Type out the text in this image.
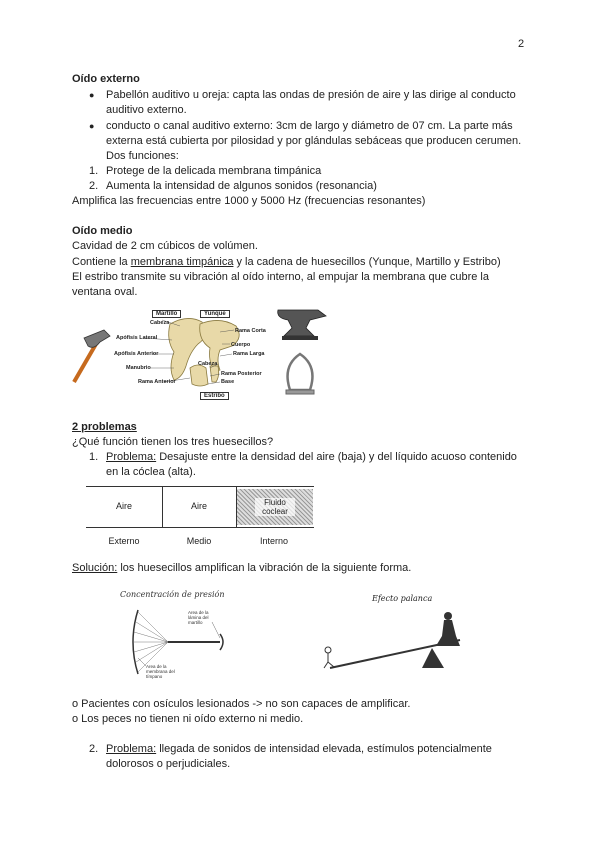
2
Oído externo
● Pabellón auditivo u oreja: capta las ondas de presión de aire y las dirige al conducto
auditivo externo.
● conducto o canal auditivo externo: 3cm de largo y diámetro de 07 cm. La parte más
externa está cubierta por pilosidad y por glándulas sebáceas que producen cerumen.
Dos funciones:
1. Protege de la delicada membrana timpánica
2. Aumenta la intensidad de algunos sonidos (resonancia)
Amplifica las frecuencias entre 1000 y 5000 Hz (frecuencias resonantes)
Oído medio
Cavidad de 2 cm cúbicos de volúmen.
Contiene la membrana timpánica y la cadena de huesecillos (Yunque, Martillo y Estribo)
El estribo transmite su vibración al oído interno, al empujar la membrana que cubre la
ventana oval.
Martillo	Yunque
Estribo
Cabeza
Apófisis Lateral
Apófisis Anterior
Manubrio
Rama Anterior
Rama Corta
Cuerpo
Rama Larga
Cabeza
Rama Posterior
Base
2 problemas
¿Qué función tienen los tres huesecillos?
1. Problema: Desajuste entre la densidad del aire (baja) y del líquido acuoso contenido
en la cóclea (alta).
Aire	Aire	Fluido coclear
Externo	Medio	Interno
Solución: los huesecillos amplifican la vibración de la siguiente forma.
Concentración de presión
Area de la lámina del martillo
Area de la membrana del tímpano
Efecto palanca
o Pacientes con osículos lesionados -> no son capaces de amplificar.
o Los peces no tienen ni oído externo ni medio.
2. Problema: llegada de sonidos de intensidad elevada, estímulos potencialmente
dolorosos o perjudiciales.
